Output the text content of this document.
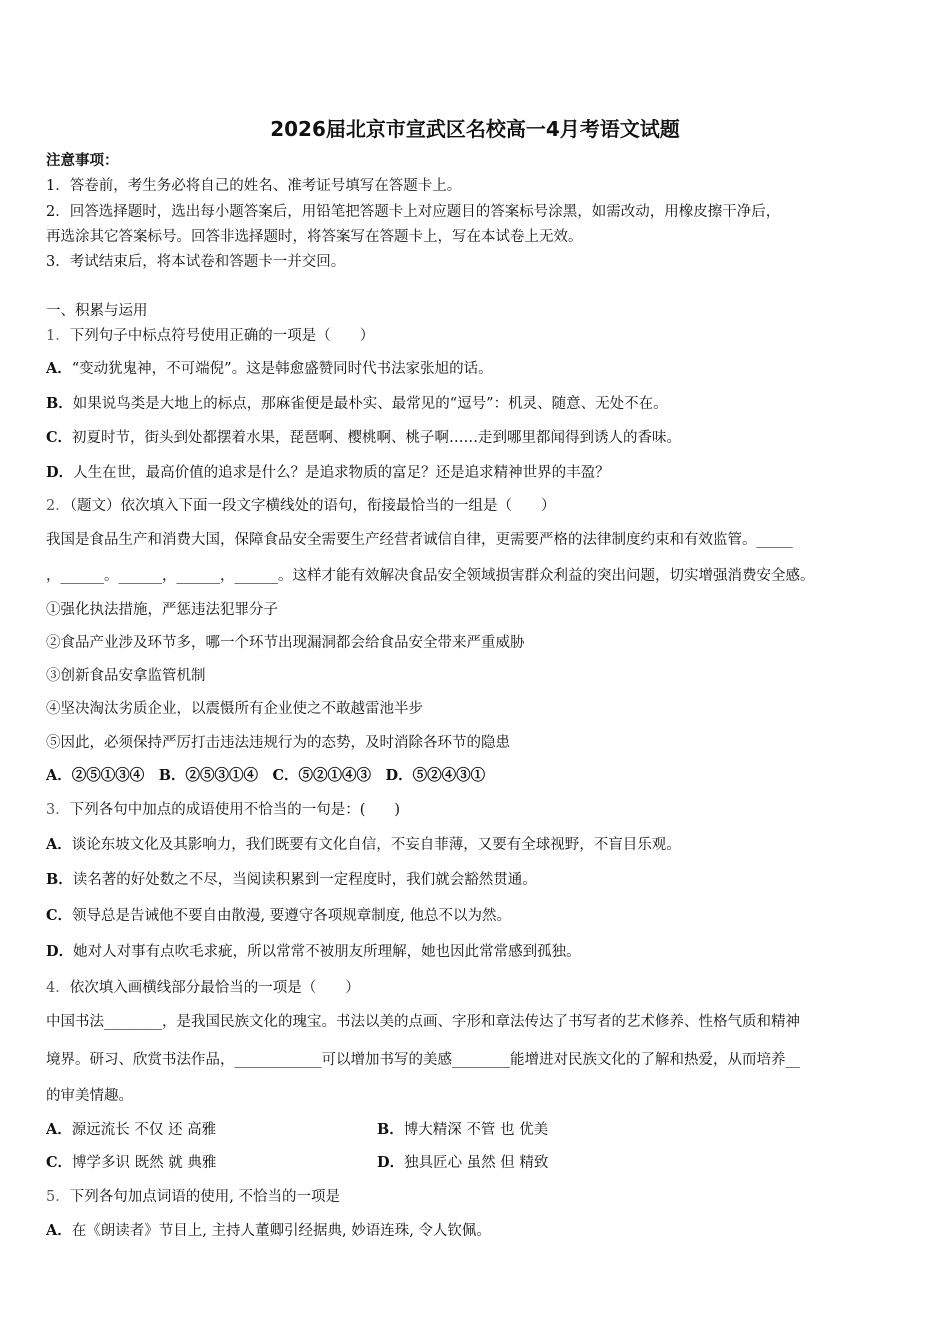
2026届北京市宣武区名校高一4月考语文试题
注意事项：
1．答卷前，考生务必将自己的姓名、准考证号填写在答题卡上。
2．回答选择题时，选出每小题答案后，用铅笔把答题卡上对应题目的答案标号涂黑，如需改动，用橡皮擦干净后，
再选涂其它答案标号。回答非选择题时，将答案写在答题卡上，写在本试卷上无效。
3．考试结束后，将本试卷和答题卡一并交回。
一、积累与运用
1．下列句子中标点符号使用正确的一项是（　　）
A．“变动犹鬼神，不可端倪”。这是韩愈盛赞同时代书法家张旭的话。
B．如果说鸟类是大地上的标点，那麻雀便是最朴实、最常见的“逗号”：机灵、随意、无处不在。
C．初夏时节，街头到处都摆着水果，琵琶啊、樱桃啊、桃子啊……走到哪里都闻得到诱人的香味。
D．人生在世，最高价值的追求是什么？是追求物质的富足？还是追求精神世界的丰盈？
2．（题文）依次填入下面一段文字横线处的语句，衔接最恰当的一组是（　　）
我国是食品生产和消费大国，保障食品安全需要生产经营者诚信自律，更需要严格的法律制度约束和有效监管。_____
，______。______，______，______。这样才能有效解决食品安全领域损害群众利益的突出问题，切实增强消费安全感。
①强化执法措施，严惩违法犯罪分子
②食品产业涉及环节多，哪一个环节出现漏洞都会给食品安全带来严重威胁
③创新食品安拿监管机制
④坚决淘汰劣质企业，以震慑所有企业使之不敢越雷池半步
⑤因此，必须保持严厉打击违法违规行为的态势，及时消除各环节的隐患
A．②⑤①③④　B．②⑤③①④　C．⑤②①④③　D．⑤②④③①
3．下列各句中加点的成语使用不恰当的一句是：(　　)
A．谈论东坡文化及其影响力，我们既要有文化自信，不妄自菲薄，又要有全球视野，不盲目乐观。
B．读名著的好处数之不尽，当阅读积累到一定程度时，我们就会豁然贯通。
C．领导总是告诫他不要自由散漫, 要遵守各项规章制度, 他总不以为然。
D．她对人对事有点吹毛求疵，所以常常不被朋友所理解，她也因此常常感到孤独。
4．依次填入画横线部分最恰当的一项是（　　）
中国书法________，是我国民族文化的瑰宝。书法以美的点画、字形和章法传达了书写者的艺术修养、性格气质和精神
境界。研习、欣赏书法作品，____________可以增加书写的美感________能增进对民族文化的了解和热爱，从而培养__
的审美情趣。
A．源远流长 不仅 还 高雅	B．博大精深 不管 也 优美
C．博学多识 既然 就 典雅	D．独具匠心 虽然 但 精致
5．下列各句加点词语的使用, 不恰当的一项是
A．在《朗读者》节目上, 主持人董卿引经据典, 妙语连珠, 令人钦佩。
